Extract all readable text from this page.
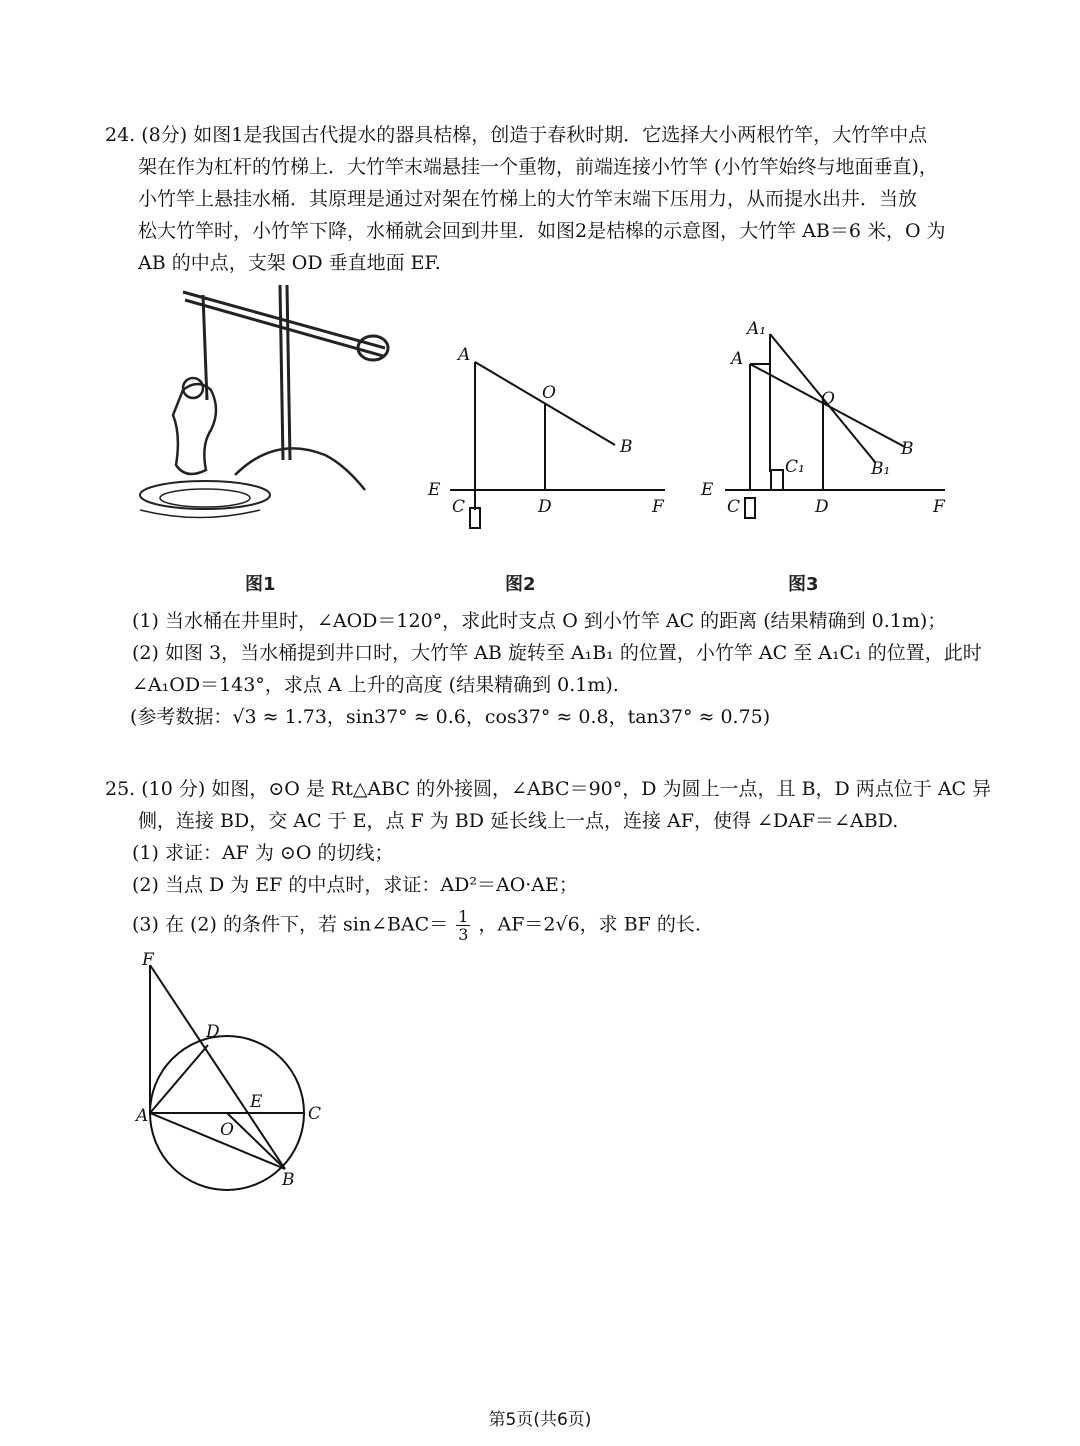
24. (8分) 如图1是我国古代提水的器具桔槔，创造于春秋时期．它选择大小两根竹竿，大竹竿中点
架在作为杠杆的竹梯上．大竹竿末端悬挂一个重物，前端连接小竹竿 (小竹竿始终与地面垂直)，
小竹竿上悬挂水桶．其原理是通过对架在竹梯上的大竹竿末端下压用力，从而提水出井．当放
松大竹竿时，小竹竿下降，水桶就会回到井里．如图2是桔槔的示意图，大竹竿 AB＝6 米，O 为
AB 的中点，支架 OD 垂直地面 EF.
A
O
B
E
C	D	F
A₁
A
O
B
B₁
C₁
E
C	D	F
图1	图2	图3
(1) 当水桶在井里时，∠AOD＝120°，求此时支点 O 到小竹竿 AC 的距离 (结果精确到 0.1m)；
(2) 如图 3，当水桶提到井口时，大竹竿 AB 旋转至 A₁B₁ 的位置，小竹竿 AC 至 A₁C₁ 的位置，此时
∠A₁OD＝143°，求点 A 上升的高度 (结果精确到 0.1m).
(参考数据：√3 ≈ 1.73，sin37° ≈ 0.6，cos37° ≈ 0.8，tan37° ≈ 0.75)
25. (10 分) 如图，⊙O 是 Rt△ABC 的外接圆，∠ABC＝90°，D 为圆上一点，且 B，D 两点位于 AC 异
侧，连接 BD，交 AC 于 E，点 F 为 BD 延长线上一点，连接 AF，使得 ∠DAF＝∠ABD.
(1) 求证：AF 为 ⊙O 的切线；
(2) 当点 D 为 EF 的中点时，求证：AD²＝AO·AE；
(3) 在 (2) 的条件下，若 sin∠BAC＝ $\frac{1}{3}$ ，AF＝2√6，求 BF 的长.
F
D
A
E
C
O
B
第5页(共6页)
